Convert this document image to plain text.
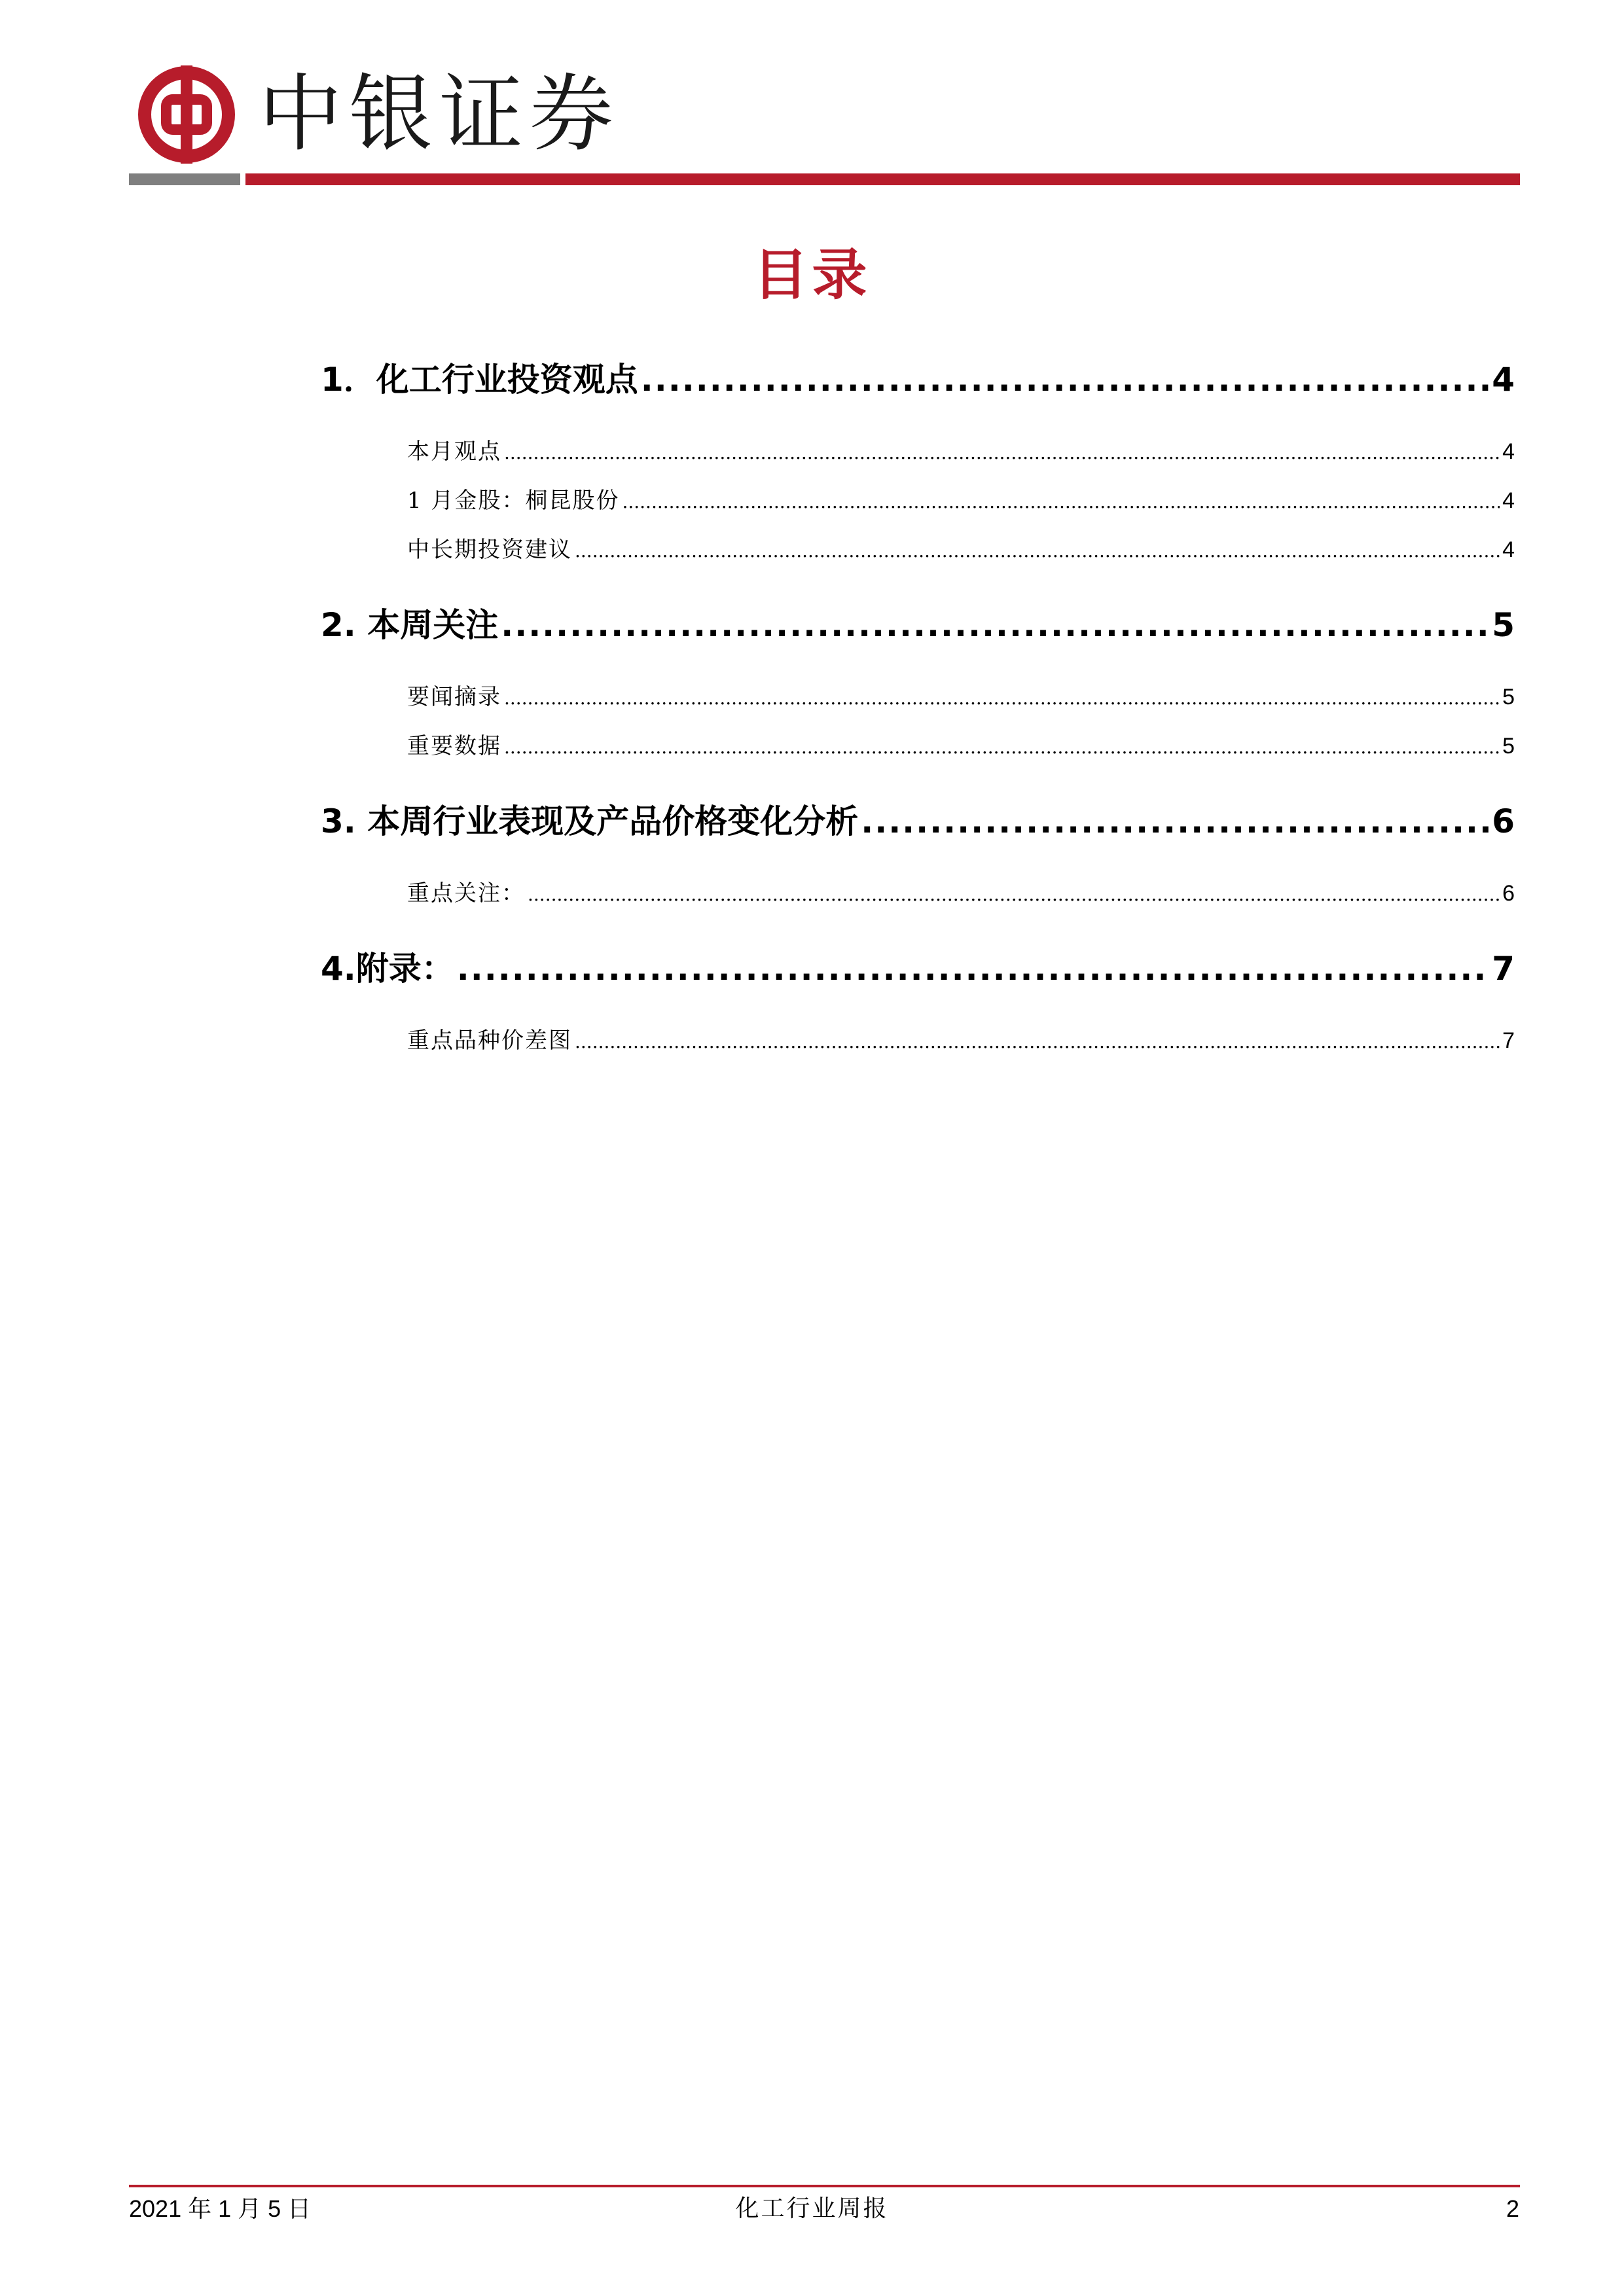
中银证券
目录
1．化工行业投资观点 .....	4
本月观点 .....	4
1 月金股：桐昆股份 .....	4
中长期投资建议 .....	4
2. 本周关注 .....	5
要闻摘录 .....	5
重要数据 .....	5
3. 本周行业表现及产品价格变化分析 .....	6
重点关注： .....	6
4.附录： .....	7
重点品种价差图 .....	7
2021 年 1 月 5 日	化工行业周报	2
